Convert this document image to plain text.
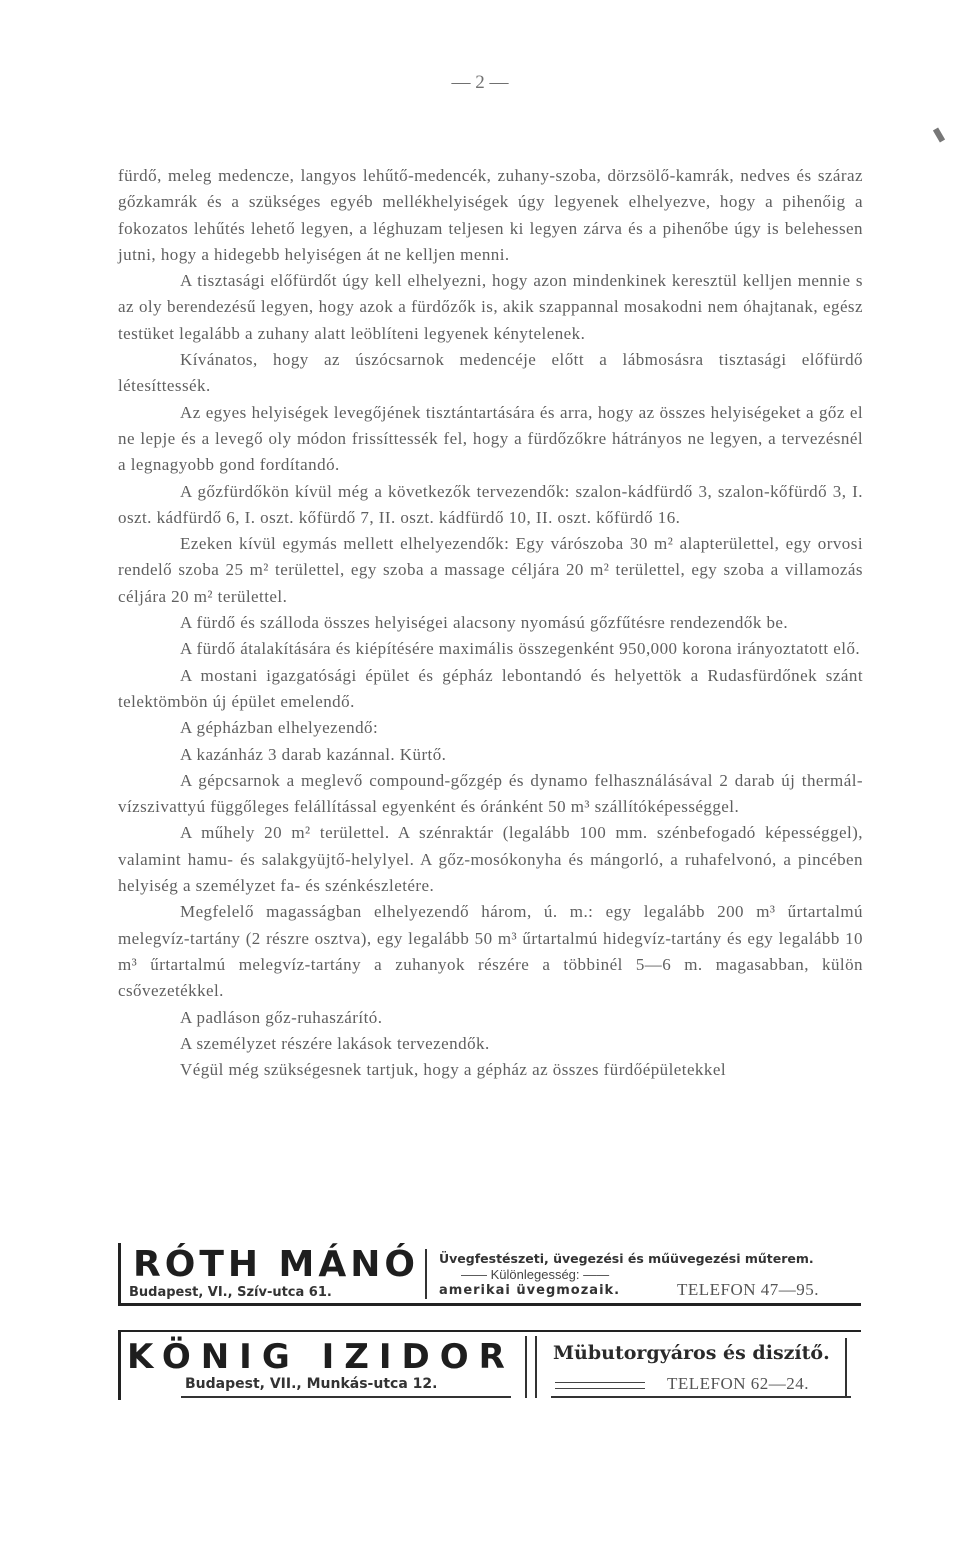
— 2 —

fürdő, meleg medencze, langyos lehűtő-medencék, zuhany-szoba, dörzsölő-kamrák, nedves és száraz gőzkamrák és a szükséges egyéb mellékhelyiségek úgy legyenek elhelyezve, hogy a pihenőig a fokozatos lehűtés lehető legyen, a léghuzam teljesen ki legyen zárva és a pihenőbe úgy is belehessen jutni, hogy a hidegebb helyiségen át ne kelljen menni.

A tisztasági előfürdőt úgy kell elhelyezni, hogy azon mindenkinek keresztül kelljen mennie s az oly berendezésű legyen, hogy azok a fürdőzők is, akik szappannal mosakodni nem óhajtanak, egész testüket legalább a zuhany alatt leöblíteni legyenek kénytelenek.

Kívánatos, hogy az úszócsarnok medencéje előtt a lábmosásra tisztasági előfürdő létesíttessék.

Az egyes helyiségek levegőjének tisztántartására és arra, hogy az összes helyiségeket a gőz el ne lepje és a levegő oly módon frissíttessék fel, hogy a fürdőzőkre hátrányos ne legyen, a tervezésnél a legnagyobb gond fordítandó.

A gőzfürdőkön kívül még a következők tervezendők: szalon-kádfürdő 3, szalon-kőfürdő 3, I. oszt. kádfürdő 6, I. oszt. kőfürdő 7, II. oszt. kádfürdő 10, II. oszt. kőfürdő 16.

Ezeken kívül egymás mellett elhelyezendők: Egy várószoba 30 m² alapterülettel, egy orvosi rendelő szoba 25 m² területtel, egy szoba a massage céljára 20 m² területtel, egy szoba a villamozás céljára 20 m² területtel.

A fürdő és szálloda összes helyiségei alacsony nyomású gőzfűtésre rendezendők be.

A fürdő átalakítására és kiépítésére maximális összegenként 950,000 korona irányoztatott elő.

A mostani igazgatósági épület és gépház lebontandó és helyettök a Rudasfürdőnek szánt telektömbön új épület emelendő.

A gépházban elhelyezendő:

A kazánház 3 darab kazánnal. Kürtő.

A gépcsarnok a meglevő compound-gőzgép és dynamo felhasználásával 2 darab új thermál-vízszivattyú függőleges felállítással egyenként és óránként 50 m³ szállítóképességgel.

A műhely 20 m² területtel. A szénraktár (legalább 100 mm. szénbefogadó képességgel), valamint hamu- és salakgyüjtő-helylyel. A gőz-mosókonyha és mángorló, a ruhafelvonó, a pincében helyiség a személyzet fa- és szénkészletére.

Megfelelő magasságban elhelyezendő három, ú. m.: egy legalább 200 m³ űrtartalmú melegvíz-tartány (2 részre osztva), egy legalább 50 m³ űrtartalmú hidegvíz-tartány és egy legalább 10 m³ űrtartalmú melegvíz-tartány a zuhanyok részére a többinél 5—6 m. magasabban, külön csővezetékkel.

A padláson gőz-ruhaszárító.

A személyzet részére lakások tervezendők.

Végül még szükségesnek tartjuk, hogy a gépház az összes fürdőépületekkel

RÓTH MÁNÓ
Budapest, VI., Szív-utca 61.
Üvegfestészeti, üvegezési és műüvegezési műterem.
—— Különlegesség: ——
amerikai üvegmozaik.	TELEFON 47—95.
KÖNIG IZIDOR
Budapest, VII., Munkás-utca 12.
Mübutorgyáros és diszítő.
TELEFON 62—24.
